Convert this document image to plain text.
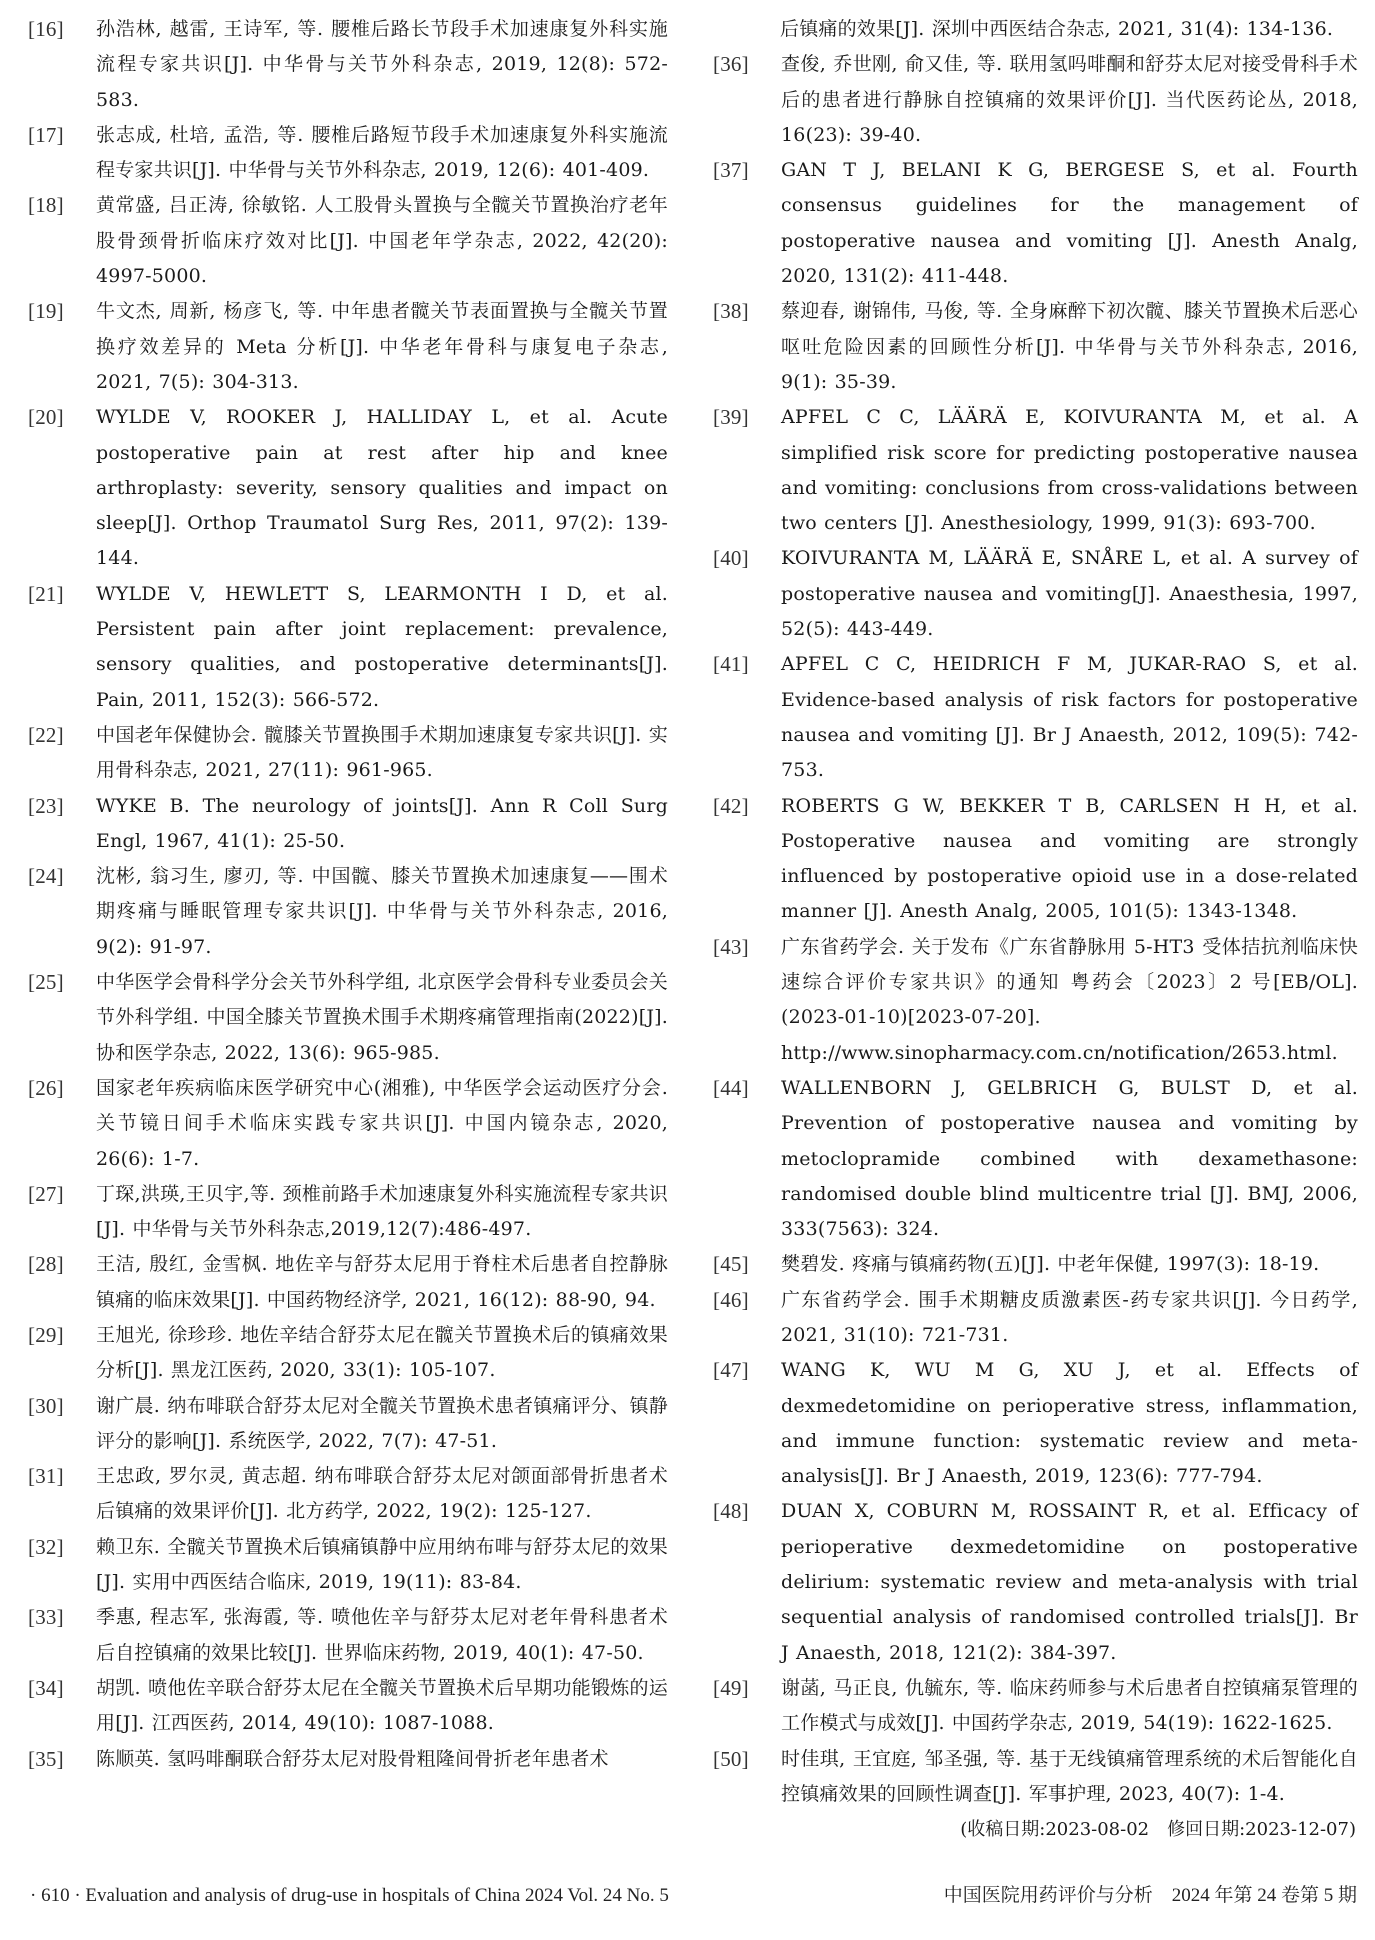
[16] 孙浩林, 越雷, 王诗军, 等. 腰椎后路长节段手术加速康复外科实施流程专家共识[J]. 中华骨与关节外科杂志, 2019, 12(8): 572-583.
[17] 张志成, 杜培, 孟浩, 等. 腰椎后路短节段手术加速康复外科实施流程专家共识[J]. 中华骨与关节外科杂志, 2019, 12(6): 401-409.
[18] 黄常盛, 吕正涛, 徐敏铭. 人工股骨头置换与全髋关节置换治疗老年股骨颈骨折临床疗效对比[J]. 中国老年学杂志, 2022, 42(20): 4997-5000.
[19] 牛文杰, 周新, 杨彦飞, 等. 中年患者髋关节表面置换与全髋关节置换疗效差异的 Meta 分析[J]. 中华老年骨科与康复电子杂志, 2021, 7(5): 304-313.
[20] WYLDE V, ROOKER J, HALLIDAY L, et al. Acute postoperative pain at rest after hip and knee arthroplasty: severity, sensory qualities and impact on sleep[J]. Orthop Traumatol Surg Res, 2011, 97(2): 139-144.
[21] WYLDE V, HEWLETT S, LEARMONTH I D, et al. Persistent pain after joint replacement: prevalence, sensory qualities, and postoperative determinants[J]. Pain, 2011, 152(3): 566-572.
[22] 中国老年保健协会. 髋膝关节置换围手术期加速康复专家共识[J]. 实用骨科杂志, 2021, 27(11): 961-965.
[23] WYKE B. The neurology of joints[J]. Ann R Coll Surg Engl, 1967, 41(1): 25-50.
[24] 沈彬, 翁习生, 廖刃, 等. 中国髋、膝关节置换术加速康复——围术期疼痛与睡眠管理专家共识[J]. 中华骨与关节外科杂志, 2016, 9(2): 91-97.
[25] 中华医学会骨科学分会关节外科学组, 北京医学会骨科专业委员会关节外科学组. 中国全膝关节置换术围手术期疼痛管理指南(2022)[J]. 协和医学杂志, 2022, 13(6): 965-985.
[26] 国家老年疾病临床医学研究中心(湘雅), 中华医学会运动医疗分会. 关节镜日间手术临床实践专家共识[J]. 中国内镜杂志, 2020, 26(6): 1-7.
[27] 丁琛,洪瑛,王贝宇,等. 颈椎前路手术加速康复外科实施流程专家共识[J]. 中华骨与关节外科杂志,2019,12(7):486-497.
[28] 王洁, 殷红, 金雪枫. 地佐辛与舒芬太尼用于脊柱术后患者自控静脉镇痛的临床效果[J]. 中国药物经济学, 2021, 16(12): 88-90, 94.
[29] 王旭光, 徐珍珍. 地佐辛结合舒芬太尼在髋关节置换术后的镇痛效果分析[J]. 黑龙江医药, 2020, 33(1): 105-107.
[30] 谢广晨. 纳布啡联合舒芬太尼对全髋关节置换术患者镇痛评分、镇静评分的影响[J]. 系统医学, 2022, 7(7): 47-51.
[31] 王忠政, 罗尔灵, 黄志超. 纳布啡联合舒芬太尼对颌面部骨折患者术后镇痛的效果评价[J]. 北方药学, 2022, 19(2): 125-127.
[32] 赖卫东. 全髋关节置换术后镇痛镇静中应用纳布啡与舒芬太尼的效果[J]. 实用中西医结合临床, 2019, 19(11): 83-84.
[33] 季惠, 程志军, 张海霞, 等. 喷他佐辛与舒芬太尼对老年骨科患者术后自控镇痛的效果比较[J]. 世界临床药物, 2019, 40(1): 47-50.
[34] 胡凯. 喷他佐辛联合舒芬太尼在全髋关节置换术后早期功能锻炼的运用[J]. 江西医药, 2014, 49(10): 1087-1088.
[35] 陈顺英. 氢吗啡酮联合舒芬太尼对股骨粗隆间骨折老年患者术
后镇痛的效果[J]. 深圳中西医结合杂志, 2021, 31(4): 134-136.
[36] 查俊, 乔世刚, 俞又佳, 等. 联用氢吗啡酮和舒芬太尼对接受骨科手术后的患者进行静脉自控镇痛的效果评价[J]. 当代医药论丛, 2018, 16(23): 39-40.
[37] GAN T J, BELANI K G, BERGESE S, et al. Fourth consensus guidelines for the management of postoperative nausea and vomiting [J]. Anesth Analg, 2020, 131(2): 411-448.
[38] 蔡迎春, 谢锦伟, 马俊, 等. 全身麻醉下初次髋、膝关节置换术后恶心呕吐危险因素的回顾性分析[J]. 中华骨与关节外科杂志, 2016, 9(1): 35-39.
[39] APFEL C C, LÄÄRÄ E, KOIVURANTA M, et al. A simplified risk score for predicting postoperative nausea and vomiting: conclusions from cross-validations between two centers [J]. Anesthesiology, 1999, 91(3): 693-700.
[40] KOIVURANTA M, LÄÄRÄ E, SNÅRE L, et al. A survey of postoperative nausea and vomiting[J]. Anaesthesia, 1997, 52(5): 443-449.
[41] APFEL C C, HEIDRICH F M, JUKAR-RAO S, et al. Evidence-based analysis of risk factors for postoperative nausea and vomiting [J]. Br J Anaesth, 2012, 109(5): 742-753.
[42] ROBERTS G W, BEKKER T B, CARLSEN H H, et al. Postoperative nausea and vomiting are strongly influenced by postoperative opioid use in a dose-related manner [J]. Anesth Analg, 2005, 101(5): 1343-1348.
[43] 广东省药学会. 关于发布《广东省静脉用 5-HT3 受体拮抗剂临床快速综合评价专家共识》的通知 粤药会〔2023〕2 号[EB/OL]. (2023-01-10)[2023-07-20]. http://www.sinopharmacy.com.cn/notification/2653.html.
[44] WALLENBORN J, GELBRICH G, BULST D, et al. Prevention of postoperative nausea and vomiting by metoclopramide combined with dexamethasone: randomised double blind multicentre trial [J]. BMJ, 2006, 333(7563): 324.
[45] 樊碧发. 疼痛与镇痛药物(五)[J]. 中老年保健, 1997(3): 18-19.
[46] 广东省药学会. 围手术期糖皮质激素医-药专家共识[J]. 今日药学, 2021, 31(10): 721-731.
[47] WANG K, WU M G, XU J, et al. Effects of dexmedetomidine on perioperative stress, inflammation, and immune function: systematic review and meta-analysis[J]. Br J Anaesth, 2019, 123(6): 777-794.
[48] DUAN X, COBURN M, ROSSAINT R, et al. Efficacy of perioperative dexmedetomidine on postoperative delirium: systematic review and meta-analysis with trial sequential analysis of randomised controlled trials[J]. Br J Anaesth, 2018, 121(2): 384-397.
[49] 谢菡, 马正良, 仇毓东, 等. 临床药师参与术后患者自控镇痛泵管理的工作模式与成效[J]. 中国药学杂志, 2019, 54(19): 1622-1625.
[50] 时佳琪, 王宜庭, 邹圣强, 等. 基于无线镇痛管理系统的术后智能化自控镇痛效果的回顾性调查[J]. 军事护理, 2023, 40(7): 1-4.
(收稿日期:2023-08-02　修回日期:2023-12-07)
· 610 · Evaluation and analysis of drug-use in hospitals of China 2024 Vol. 24 No. 5	中国医院用药评价与分析　2024 年第 24 卷第 5 期
